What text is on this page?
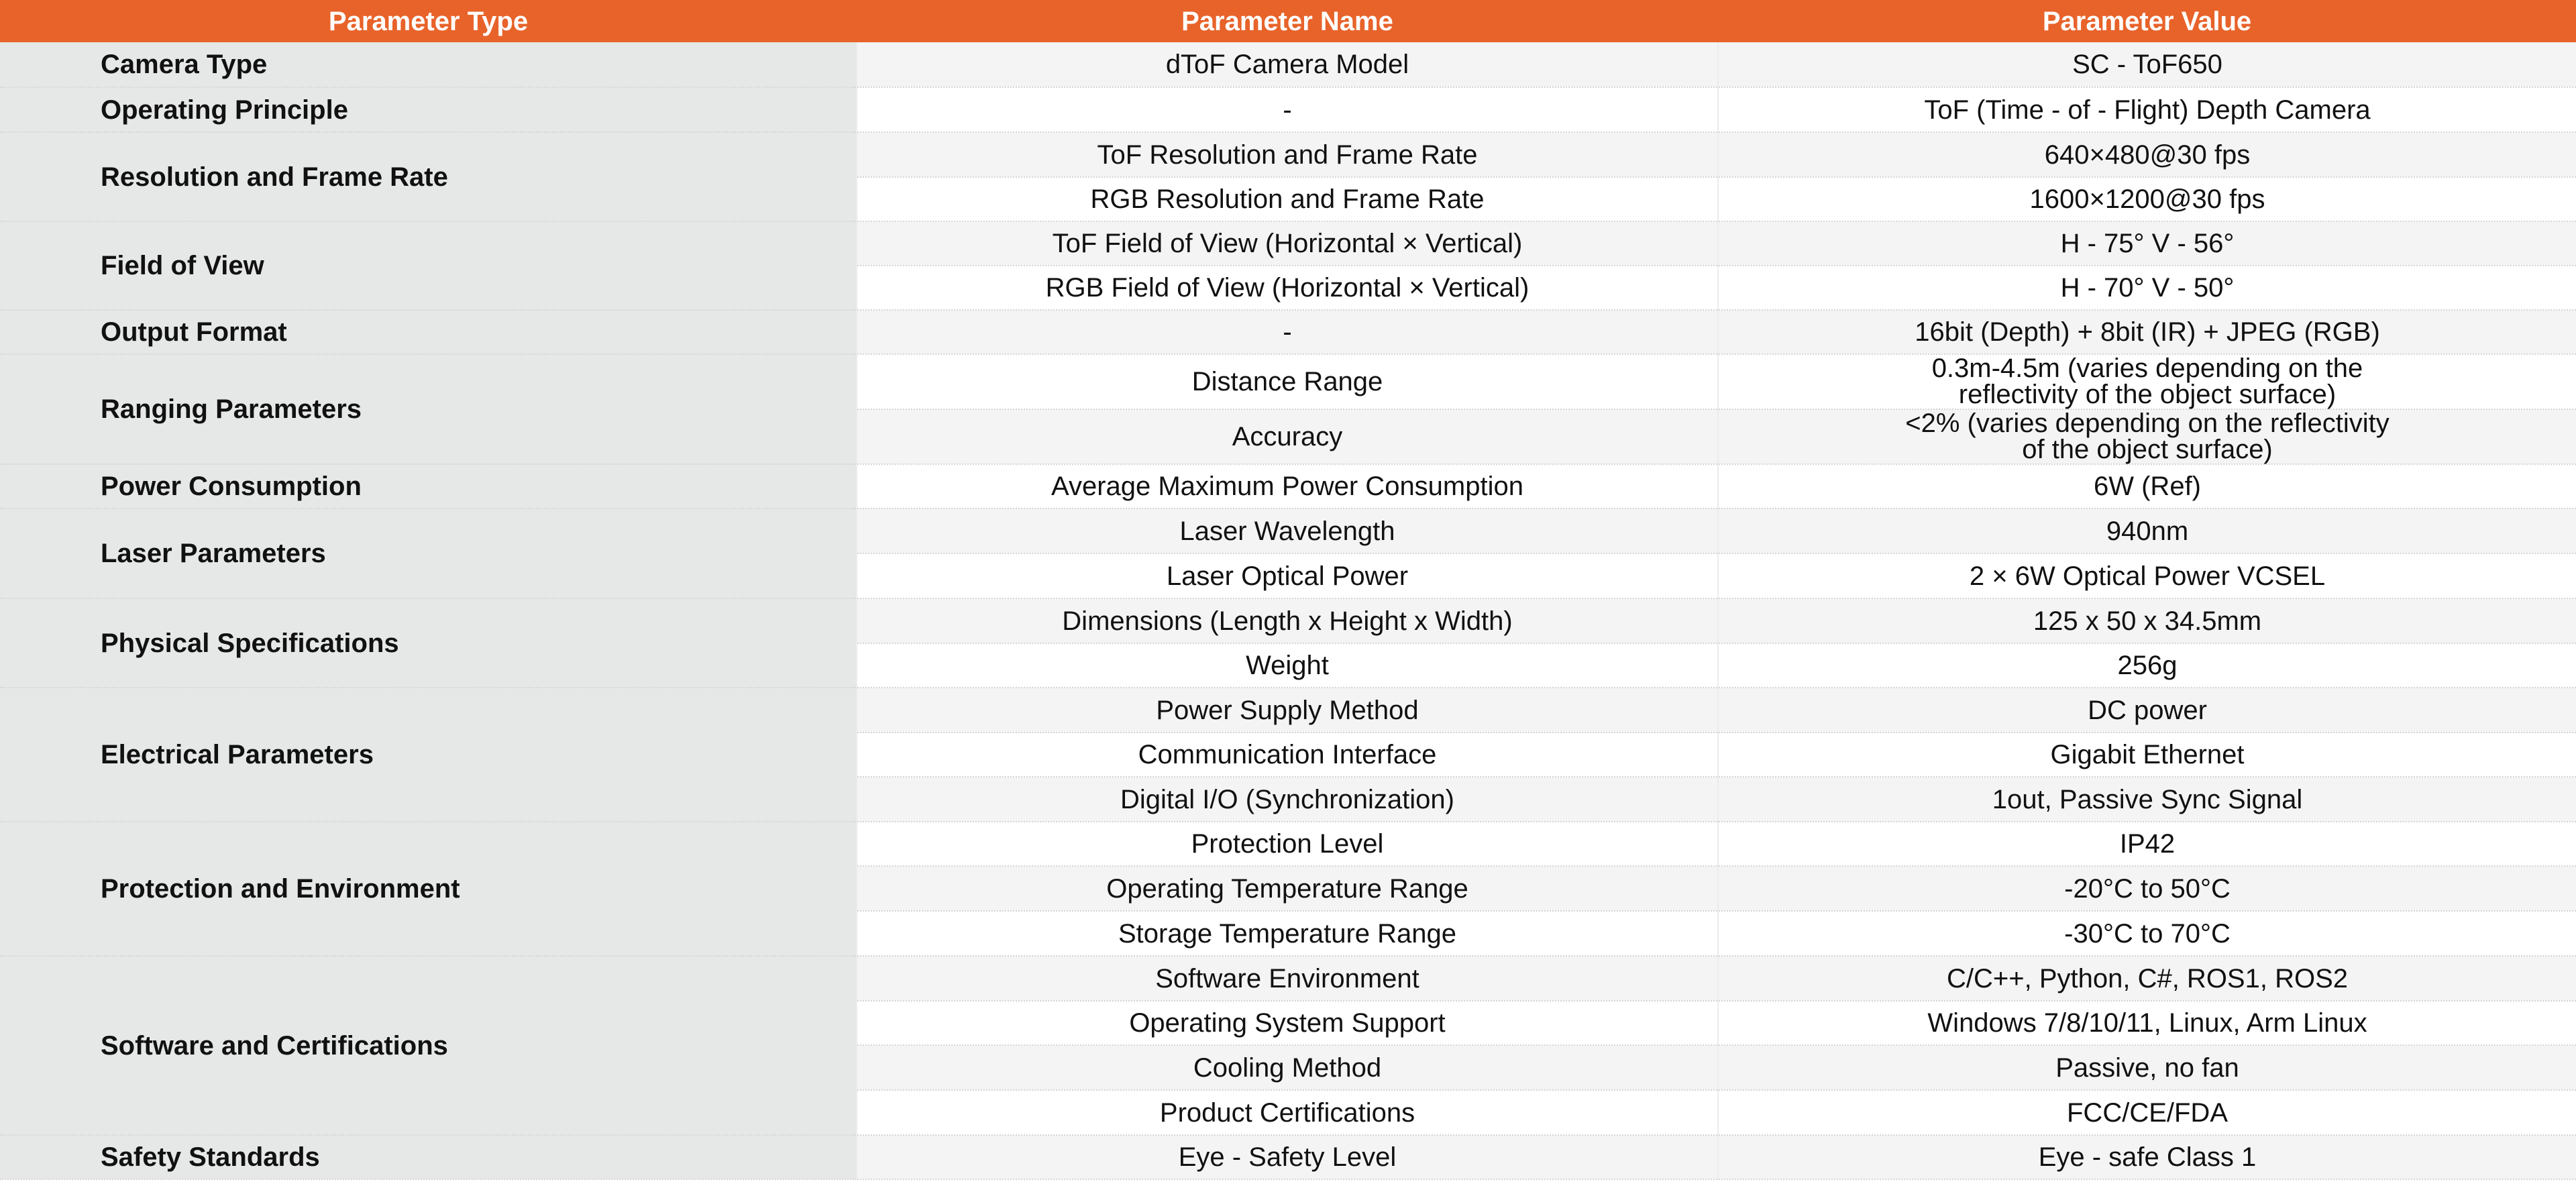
Parameter Type	Parameter Name	Parameter Value
Camera Type	dToF Camera Model	SC - ToF650
Operating Principle	-	ToF (Time - of - Flight) Depth Camera
Resolution and Frame Rate	ToF Resolution and Frame Rate	640×480@30 fps
	RGB Resolution and Frame Rate	1600×1200@30 fps
Field of View	ToF Field of View (Horizontal × Vertical)	H - 75° V - 56°
	RGB Field of View (Horizontal × Vertical)	H - 70° V - 50°
Output Format	-	16bit (Depth) + 8bit (IR) + JPEG (RGB)
Ranging Parameters	Distance Range	0.3m-4.5m (varies depending on the
reflectivity of the object surface)
	Accuracy	<2% (varies depending on the reflectivity
of the object surface)
Power Consumption	Average Maximum Power Consumption	6W (Ref)
Laser Parameters	Laser Wavelength	940nm
	Laser Optical Power	2 × 6W Optical Power VCSEL
Physical Specifications	Dimensions (Length x Height x Width)	125 x 50 x 34.5mm
	Weight	256g
Electrical Parameters	Power Supply Method	DC power
	Communication Interface	Gigabit Ethernet
	Digital I/O (Synchronization)	1out, Passive Sync Signal
Protection and Environment	Protection Level	IP42
	Operating Temperature Range	-20°C to 50°C
	Storage Temperature Range	-30°C to 70°C
Software and Certifications	Software Environment	C/C++, Python, C#, ROS1, ROS2
	Operating System Support	Windows 7/8/10/11, Linux, Arm Linux
	Cooling Method	Passive, no fan
	Product Certifications	FCC/CE/FDA
Safety Standards	Eye - Safety Level	Eye - safe Class 1
